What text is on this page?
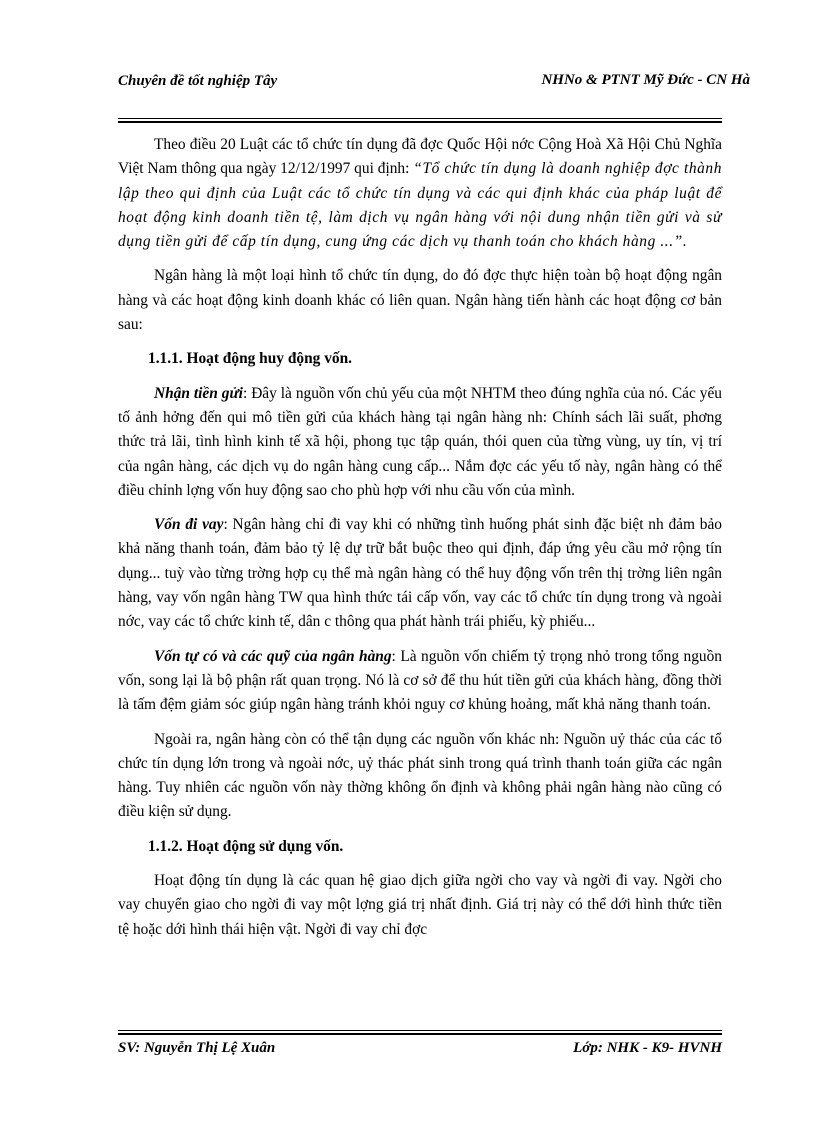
Chuyên đề tốt nghiệp Tây	NHNo & PTNT Mỹ Đức - CN Hà

Theo điều 20 Luật các tổ chức tín dụng đã đợc Quốc Hội nớc Cộng Hoà Xã Hội Chủ Nghĩa Việt Nam thông qua ngày 12/12/1997 qui định: “Tổ chức tín dụng là doanh nghiệp đợc thành lập theo qui định của Luật các tổ chức tín dụng và các qui định khác của pháp luật để hoạt động kinh doanh tiền tệ, làm dịch vụ ngân hàng với nội dung nhận tiền gửi và sử dụng tiền gửi để cấp tín dụng, cung ứng các dịch vụ thanh toán cho khách hàng ...”.

Ngân hàng là một loại hình tổ chức tín dụng, do đó đợc thực hiện toàn bộ hoạt động ngân hàng và các hoạt động kinh doanh khác có liên quan. Ngân hàng tiến hành các hoạt động cơ bản sau:

1.1.1. Hoạt động huy động vốn.

Nhận tiền gửi: Đây là nguồn vốn chủ yếu của một NHTM theo đúng nghĩa của nó. Các yếu tố ảnh hởng đến qui mô tiền gửi của khách hàng tại ngân hàng nh: Chính sách lãi suất, phơng thức trả lãi, tình hình kinh tế xã hội, phong tục tập quán, thói quen của từng vùng, uy tín, vị trí của ngân hàng, các dịch vụ do ngân hàng cung cấp... Nắm đợc các yếu tố này, ngân hàng có thể điều chỉnh lợng vốn huy động sao cho phù hợp với nhu cầu vốn của mình.

Vốn đi vay: Ngân hàng chỉ đi vay khi có những tình huống phát sinh đặc biệt nh đảm bảo khả năng thanh toán, đảm bảo tỷ lệ dự trữ bắt buộc theo qui định, đáp ứng yêu cầu mở rộng tín dụng... tuỳ vào từng trờng hợp cụ thể mà ngân hàng có thể huy động vốn trên thị trờng liên ngân hàng, vay vốn ngân hàng TW qua hình thức tái cấp vốn, vay các tổ chức tín dụng trong và ngoài nớc, vay các tổ chức kinh tế, dân c thông qua phát hành trái phiếu, kỳ phiếu...

Vốn tự có và các quỹ của ngân hàng: Là nguồn vốn chiếm tỷ trọng nhỏ trong tổng nguồn vốn, song lại là bộ phận rất quan trọng. Nó là cơ sở để thu hút tiền gửi của khách hàng, đồng thời là tấm đệm giảm sóc giúp ngân hàng tránh khỏi nguy cơ khủng hoảng, mất khả năng thanh toán.

Ngoài ra, ngân hàng còn có thể tận dụng các nguồn vốn khác nh: Nguồn uỷ thác của các tổ chức tín dụng lớn trong và ngoài nớc, uỷ thác phát sinh trong quá trình thanh toán giữa các ngân hàng. Tuy nhiên các nguồn vốn này thờng không ổn định và không phải ngân hàng nào cũng có điều kiện sử dụng.

1.1.2. Hoạt động sử dụng vốn.

Hoạt động tín dụng là các quan hệ giao dịch giữa ngời cho vay và ngời đi vay. Ngời cho vay chuyển giao cho ngời đi vay một lợng giá trị nhất định. Giá trị này có thể dới hình thức tiền tệ hoặc dới hình thái hiện vật. Ngời đi vay chỉ đợc

SV: Nguyễn Thị Lệ Xuân	Lớp: NHK - K9- HVNH
